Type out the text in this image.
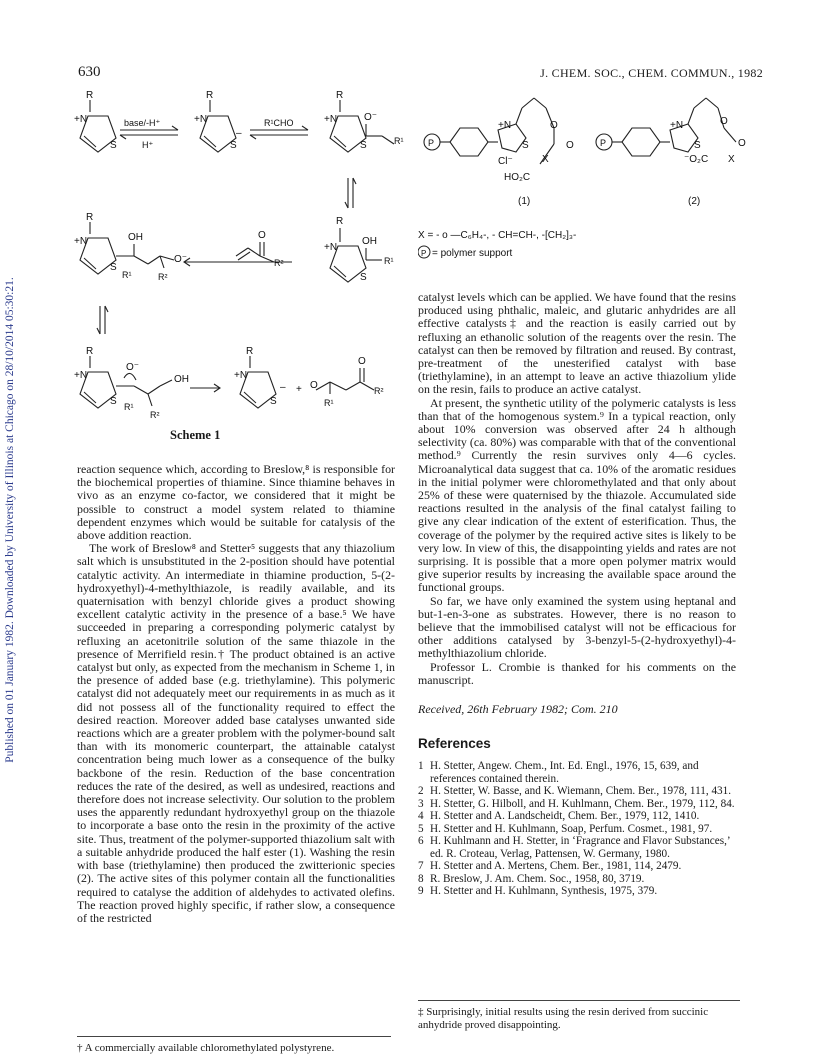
Published on 01 January 1982. Downloaded by University of Illinois at Chicago on 28/10/2014 05:30:21.
630	J. CHEM. SOC., CHEM. COMMUN., 1982
R	R	R
+N	+N	+N
S	S	S
base/-H⁺
H⁺
R¹CHO
–
O⁻
R¹
R
+N
S
OH
R¹	R²
O⁻
O
R²
R
+N
S
OH
R¹
R
+N
S
O⁻
OH
R¹
R²
R
+N
S
– + O
O
R¹
R²
Scheme 1
P	P
+N	+N
S	S
O	O
O	O
Cl⁻	X	X
HO₂C
⁻O₂C
(1)	(2)
X = - o —C₆H₄-, - CH=CH-, -[CH₂]₃-
P = polymer support

reaction sequence which, according to Breslow,⁸ is responsible for the biochemical properties of thiamine. Since thiamine behaves in vivo as an enzyme co-factor, we considered that it might be possible to construct a model system related to thiamine dependent enzymes which would be suitable for catalysis of the above addition reaction.

The work of Breslow⁸ and Stetter⁵ suggests that any thiazolium salt which is unsubstituted in the 2-position should have potential catalytic activity. An intermediate in thiamine production, 5-(2-hydroxyethyl)-4-methylthiazole, is readily available, and its quaternisation with benzyl chloride gives a product showing excellent catalytic activity in the presence of a base.⁵ We have succeeded in preparing a corresponding polymeric catalyst by refluxing an acetonitrile solution of the same thiazole in the presence of Merrifield resin.† The product obtained is an active catalyst but only, as expected from the mechanism in Scheme 1, in the presence of added base (e.g. triethylamine). This polymeric catalyst did not adequately meet our requirements in as much as it did not possess all of the functionality required to effect the desired reaction. Moreover added base catalyses unwanted side reactions which are a greater problem with the polymer-bound salt than with its monomeric counterpart, the attainable catalyst concentration being much lower as a consequence of the bulky backbone of the resin. Reduction of the base concentration reduces the rate of the desired, as well as undesired, reactions and therefore does not increase selectivity. Our solution to the problem uses the apparently redundant hydroxyethyl group on the thiazole to incorporate a base onto the resin in the proximity of the active site. Thus, treatment of the polymer-supported thiazolium salt with a suitable anhydride produced the half ester (1). Washing the resin with base (triethylamine) then produced the zwitterionic species (2). The active sites of this polymer contain all the functionalities required to catalyse the addition of aldehydes to activated olefins. The reaction proved highly specific, if rather slow, a consequence of the restricted

catalyst levels which can be applied. We have found that the resins produced using phthalic, maleic, and glutaric anhydrides are all effective catalysts‡ and the reaction is easily carried out by refluxing an ethanolic solution of the reagents over the resin. The catalyst can then be removed by filtration and reused. By contrast, pre-treatment of the unesterified catalyst with base (triethylamine), in an attempt to leave an active thiazolium ylide on the resin, fails to produce an active catalyst.

At present, the synthetic utility of the polymeric catalysts is less than that of the homogenous system.⁹ In a typical reaction, only about 10% conversion was observed after 24 h although selectivity (ca. 80%) was comparable with that of the conventional method.⁹ Currently the resin survives only 4—6 cycles. Microanalytical data suggest that ca. 10% of the aromatic residues in the initial polymer were chloromethylated and that only about 25% of these were quaternised by the thiazole. Accumulated side reactions resulted in the analysis of the final catalyst failing to give any clear indication of the extent of esterification. Thus, the coverage of the polymer by the required active sites is likely to be very low. In view of this, the disappointing yields and rates are not surprising. It is possible that a more open polymer matrix would give superior results by increasing the available space around the functional groups.

So far, we have only examined the system using heptanal and but-1-en-3-one as substrates. However, there is no reason to believe that the immobilised catalyst will not be efficacious for other additions catalysed by 3-benzyl-5-(2-hydroxyethyl)-4-methylthiazolium chloride.

Professor L. Crombie is thanked for his comments on the manuscript.

Received, 26th February 1982; Com. 210
References
1 H. Stetter, Angew. Chem., Int. Ed. Engl., 1976, 15, 639, and references contained therein.
2 H. Stetter, W. Basse, and K. Wiemann, Chem. Ber., 1978, 111, 431.
3 H. Stetter, G. Hilboll, and H. Kuhlmann, Chem. Ber., 1979, 112, 84.
4 H. Stetter and A. Landscheidt, Chem. Ber., 1979, 112, 1410.
5 H. Stetter and H. Kuhlmann, Soap, Perfum. Cosmet., 1981, 97.
6 H. Kuhlmann and H. Stetter, in ‘Fragrance and Flavor Substances,’ ed. R. Croteau, Verlag, Pattensen, W. Germany, 1980.
7 H. Stetter and A. Mertens, Chem. Ber., 1981, 114, 2479.
8 R. Breslow, J. Am. Chem. Soc., 1958, 80, 3719.
9 H. Stetter and H. Kuhlmann, Synthesis, 1975, 379.
† A commercially available chloromethylated polystyrene.
‡ Surprisingly, initial results using the resin derived from succinic anhydride proved disappointing.
